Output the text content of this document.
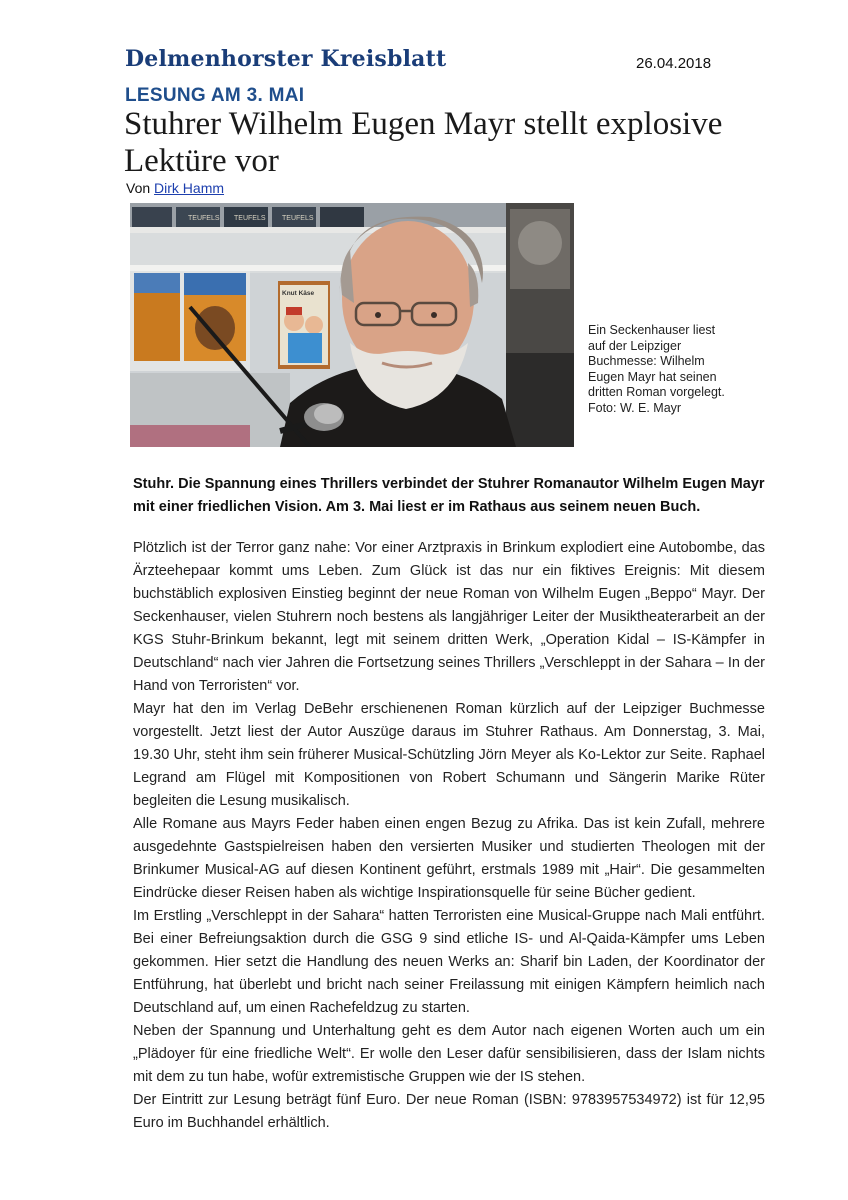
Delmenhorster Kreisblatt	26.04.2018
LESUNG AM 3. MAI
Stuhrer Wilhelm Eugen Mayr stellt explosive Lektüre vor
Von Dirk Hamm
TEUFELS TEUFELS TEUFELS
Knut Käse
Ein Seckenhauser liest auf der Leipziger Buchmesse: Wilhelm Eugen Mayr hat seinen dritten Roman vorgelegt. Foto: W. E. Mayr
Stuhr. Die Spannung eines Thrillers verbindet der Stuhrer Romanautor Wilhelm Eugen Mayr mit einer friedlichen Vision. Am 3. Mai liest er im Rathaus aus seinem neuen Buch.

Plötzlich ist der Terror ganz nahe: Vor einer Arztpraxis in Brinkum explodiert eine Autobombe, das Ärzteehepaar kommt ums Leben. Zum Glück ist das nur ein fiktives Ereignis: Mit diesem buchstäblich explosiven Einstieg beginnt der neue Roman von Wilhelm Eugen „Beppo“ Mayr. Der Seckenhauser, vielen Stuhrern noch bestens als langjähriger Leiter der Musiktheaterarbeit an der KGS Stuhr-Brinkum bekannt, legt mit seinem dritten Werk, „Operation Kidal – IS-Kämpfer in Deutschland“ nach vier Jahren die Fortsetzung seines Thrillers „Verschleppt in der Sahara – In der Hand von Terroristen“ vor.

Mayr hat den im Verlag DeBehr erschienenen Roman kürzlich auf der Leipziger Buchmesse vorgestellt. Jetzt liest der Autor Auszüge daraus im Stuhrer Rathaus. Am Donnerstag, 3. Mai, 19.30 Uhr, steht ihm sein früherer Musical-Schützling Jörn Meyer als Ko-Lektor zur Seite. Raphael Legrand am Flügel mit Kompositionen von Robert Schumann und Sängerin Marike Rüter begleiten die Lesung musikalisch.

Alle Romane aus Mayrs Feder haben einen engen Bezug zu Afrika. Das ist kein Zufall, mehrere ausgedehnte Gastspielreisen haben den versierten Musiker und studierten Theologen mit der Brinkumer Musical-AG auf diesen Kontinent geführt, erstmals 1989 mit „Hair“. Die gesammelten Eindrücke dieser Reisen haben als wichtige Inspirationsquelle für seine Bücher gedient.

Im Erstling „Verschleppt in der Sahara“ hatten Terroristen eine Musical-Gruppe nach Mali entführt. Bei einer Befreiungsaktion durch die GSG 9 sind etliche IS- und Al-Qaida-Kämpfer ums Leben gekommen. Hier setzt die Handlung des neuen Werks an: Sharif bin Laden, der Koordinator der Entführung, hat überlebt und bricht nach seiner Freilassung mit einigen Kämpfern heimlich nach Deutschland auf, um einen Rachefeldzug zu starten.

Neben der Spannung und Unterhaltung geht es dem Autor nach eigenen Worten auch um ein „Plädoyer für eine friedliche Welt“. Er wolle den Leser dafür sensibilisieren, dass der Islam nichts mit dem zu tun habe, wofür extremistische Gruppen wie der IS stehen.

Der Eintritt zur Lesung beträgt fünf Euro. Der neue Roman (ISBN: 9783957534972) ist für 12,95 Euro im Buchhandel erhältlich.
